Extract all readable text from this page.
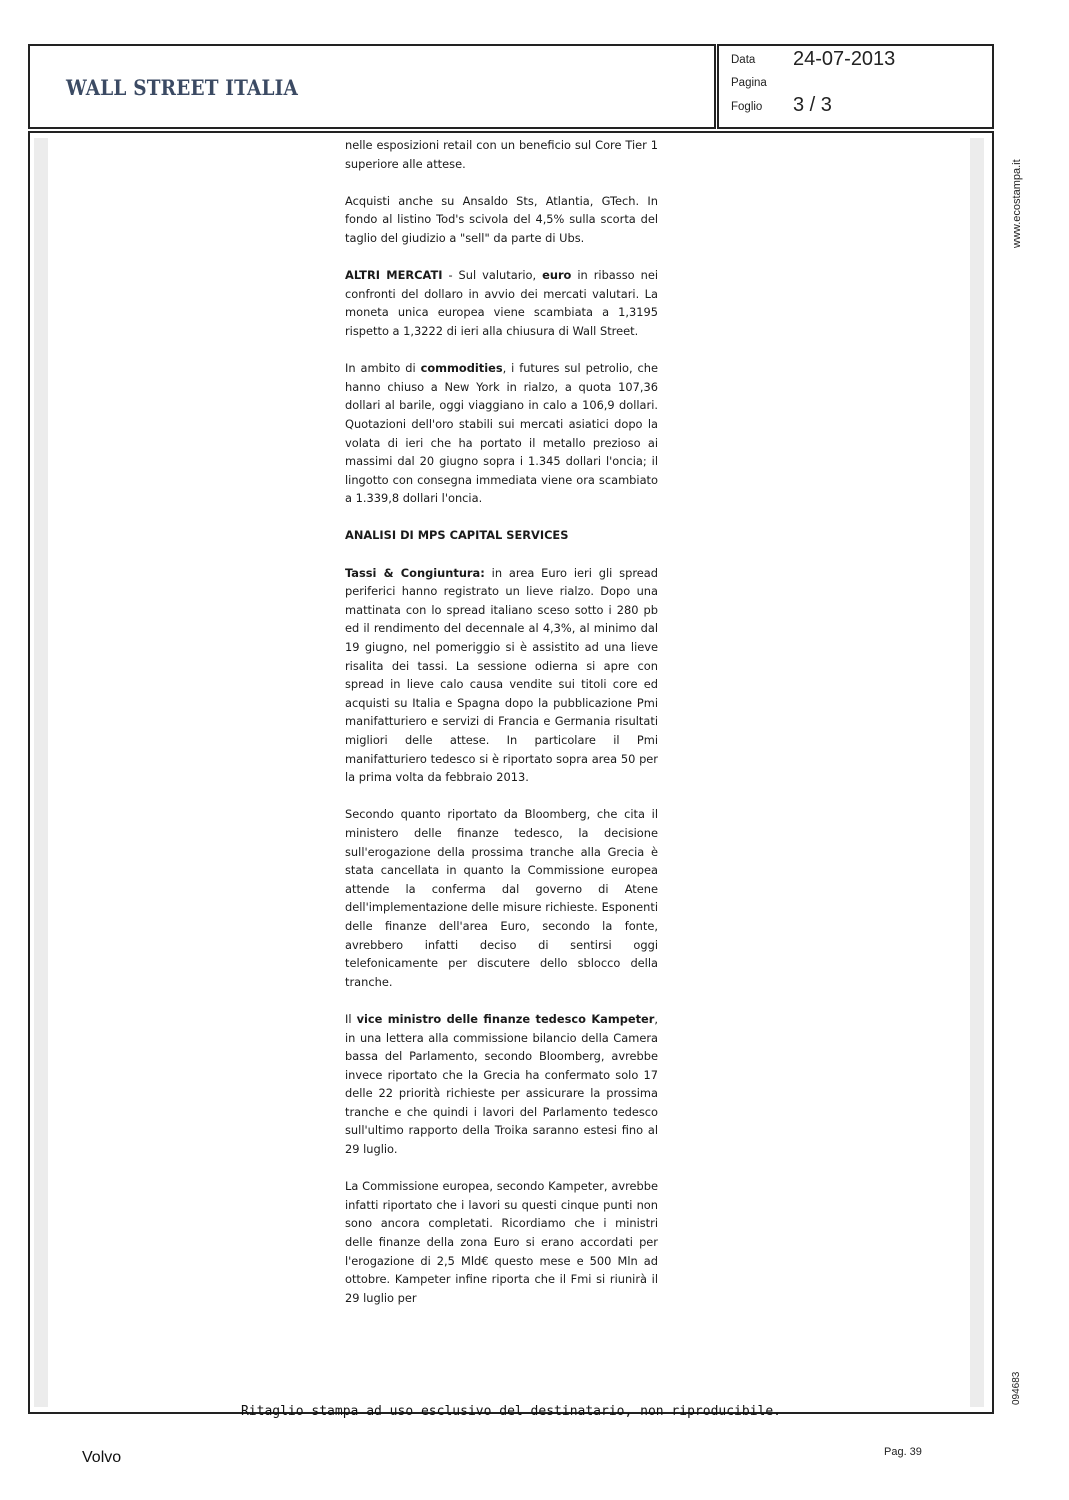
WALL STREET ITALIA
Data 24-07-2013
Pagina
Foglio 3 / 3

nelle esposizioni retail con un beneficio sul Core Tier 1 superiore alle attese.

Acquisti anche su Ansaldo Sts, Atlantia, GTech. In fondo al listino Tod's scivola del 4,5% sulla scorta del taglio del giudizio a "sell" da parte di Ubs.

ALTRI MERCATI - Sul valutario, euro in ribasso nei confronti del dollaro in avvio dei mercati valutari. La moneta unica europea viene scambiata a 1,3195 rispetto a 1,3222 di ieri alla chiusura di Wall Street.

In ambito di commodities, i futures sul petrolio, che hanno chiuso a New York in rialzo, a quota 107,36 dollari al barile, oggi viaggiano in calo a 106,9 dollari. Quotazioni dell'oro stabili sui mercati asiatici dopo la volata di ieri che ha portato il metallo prezioso ai massimi dal 20 giugno sopra i 1.345 dollari l'oncia; il lingotto con consegna immediata viene ora scambiato a 1.339,8 dollari l'oncia.

ANALISI DI MPS CAPITAL SERVICES

Tassi & Congiuntura: in area Euro ieri gli spread periferici hanno registrato un lieve rialzo. Dopo una mattinata con lo spread italiano sceso sotto i 280 pb ed il rendimento del decennale al 4,3%, al minimo dal 19 giugno, nel pomeriggio si è assistito ad una lieve risalita dei tassi. La sessione odierna si apre con spread in lieve calo causa vendite sui titoli core ed acquisti su Italia e Spagna dopo la pubblicazione Pmi manifatturiero e servizi di Francia e Germania risultati migliori delle attese. In particolare il Pmi manifatturiero tedesco si è riportato sopra area 50 per la prima volta da febbraio 2013.

Secondo quanto riportato da Bloomberg, che cita il ministero delle finanze tedesco, la decisione sull'erogazione della prossima tranche alla Grecia è stata cancellata in quanto la Commissione europea attende la conferma dal governo di Atene dell'implementazione delle misure richieste. Esponenti delle finanze dell'area Euro, secondo la fonte, avrebbero infatti deciso di sentirsi oggi telefonicamente per discutere dello sblocco della tranche.

Il vice ministro delle finanze tedesco Kampeter, in una lettera alla commissione bilancio della Camera bassa del Parlamento, secondo Bloomberg, avrebbe invece riportato che la Grecia ha confermato solo 17 delle 22 priorità richieste per assicurare la prossima tranche e che quindi i lavori del Parlamento tedesco sull'ultimo rapporto della Troika saranno estesi fino al 29 luglio.

La Commissione europea, secondo Kampeter, avrebbe infatti riportato che i lavori su questi cinque punti non sono ancora completati. Ricordiamo che i ministri delle finanze della zona Euro si erano accordati per l'erogazione di 2,5 Mld€ questo mese e 500 Mln ad ottobre. Kampeter infine riporta che il Fmi si riunirà il 29 luglio per

Ritaglio stampa ad uso esclusivo del destinatario, non riproducibile.
www.ecostampa.it
094683
Volvo	Pag. 39
